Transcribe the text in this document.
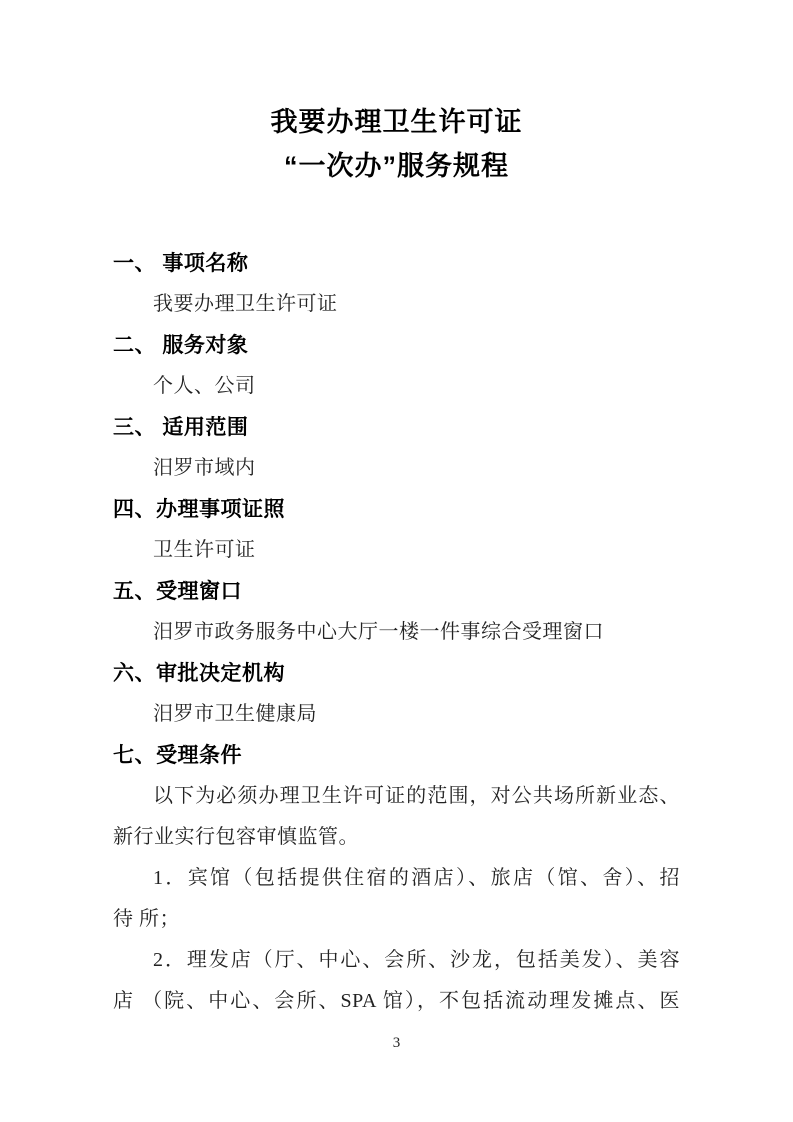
我要办理卫生许可证
“一次办”服务规程
一、 事项名称
我要办理卫生许可证
二、 服务对象
个人、公司
三、 适用范围
汨罗市域内
四、办理事项证照
卫生许可证
五、受理窗口
汨罗市政务服务中心大厅一楼一件事综合受理窗口
六、审批决定机构
汨罗市卫生健康局
七、受理条件
以下为必须办理卫生许可证的范围，对公共场所新业态、
新行业实行包容审慎监管。
1．宾馆（包括提供住宿的酒店）、旅店（馆、舍）、招
待 所；
2．理发店（厅、中心、会所、沙龙，包括美发）、美容
店 （院、中心、会所、SPA 馆），不包括流动理发摊点、医
3
